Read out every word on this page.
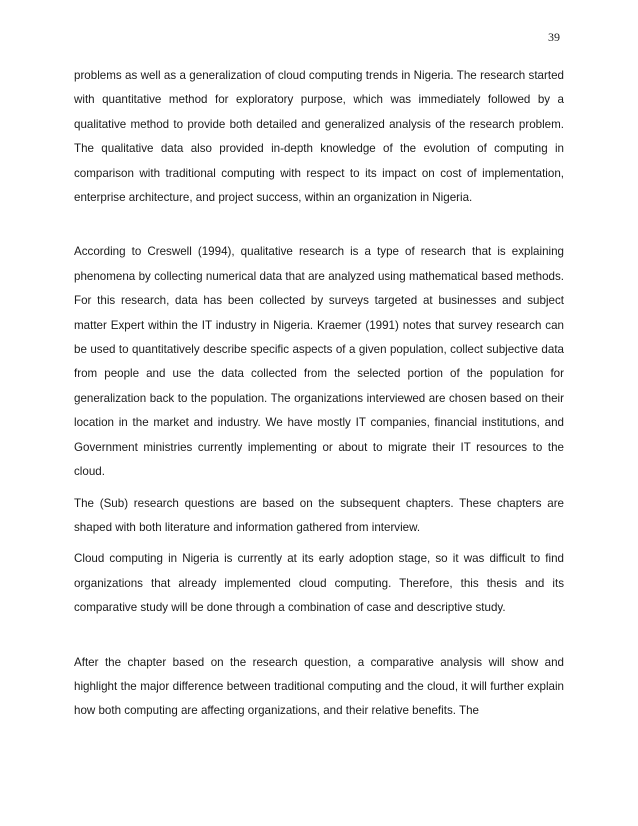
39

problems as well as a generalization of cloud computing trends in Nigeria. The research started with quantitative method for exploratory purpose, which was immediately followed by a qualitative method to provide both detailed and generalized analysis of the research problem. The qualitative data also provided in-depth knowledge of the evolution of computing in comparison with traditional computing with respect to its impact on cost of implementation, enterprise architecture, and project success, within an organization in Nigeria.

According to Creswell (1994), qualitative research is a type of research that is explaining phenomena by collecting numerical data that are analyzed using mathematical based methods. For this research, data has been collected by surveys targeted at businesses and subject matter Expert within the IT industry in Nigeria. Kraemer (1991) notes that survey research can be used to quantitatively describe specific aspects of a given population, collect subjective data from people and use the data collected from the selected portion of the population for generalization back to the population. The organizations interviewed are chosen based on their location in the market and industry. We have mostly IT companies, financial institutions, and Government ministries currently implementing or about to migrate their IT resources to the cloud.

The (Sub) research questions are based on the subsequent chapters. These chapters are shaped with both literature and information gathered from interview.

Cloud computing in Nigeria is currently at its early adoption stage, so it was difficult to find organizations that already implemented cloud computing. Therefore, this thesis and its comparative study will be done through a combination of case and descriptive study.

After the chapter based on the research question, a comparative analysis will show and highlight the major difference between traditional computing and the cloud, it will further explain how both computing are affecting organizations, and their relative benefits. The
